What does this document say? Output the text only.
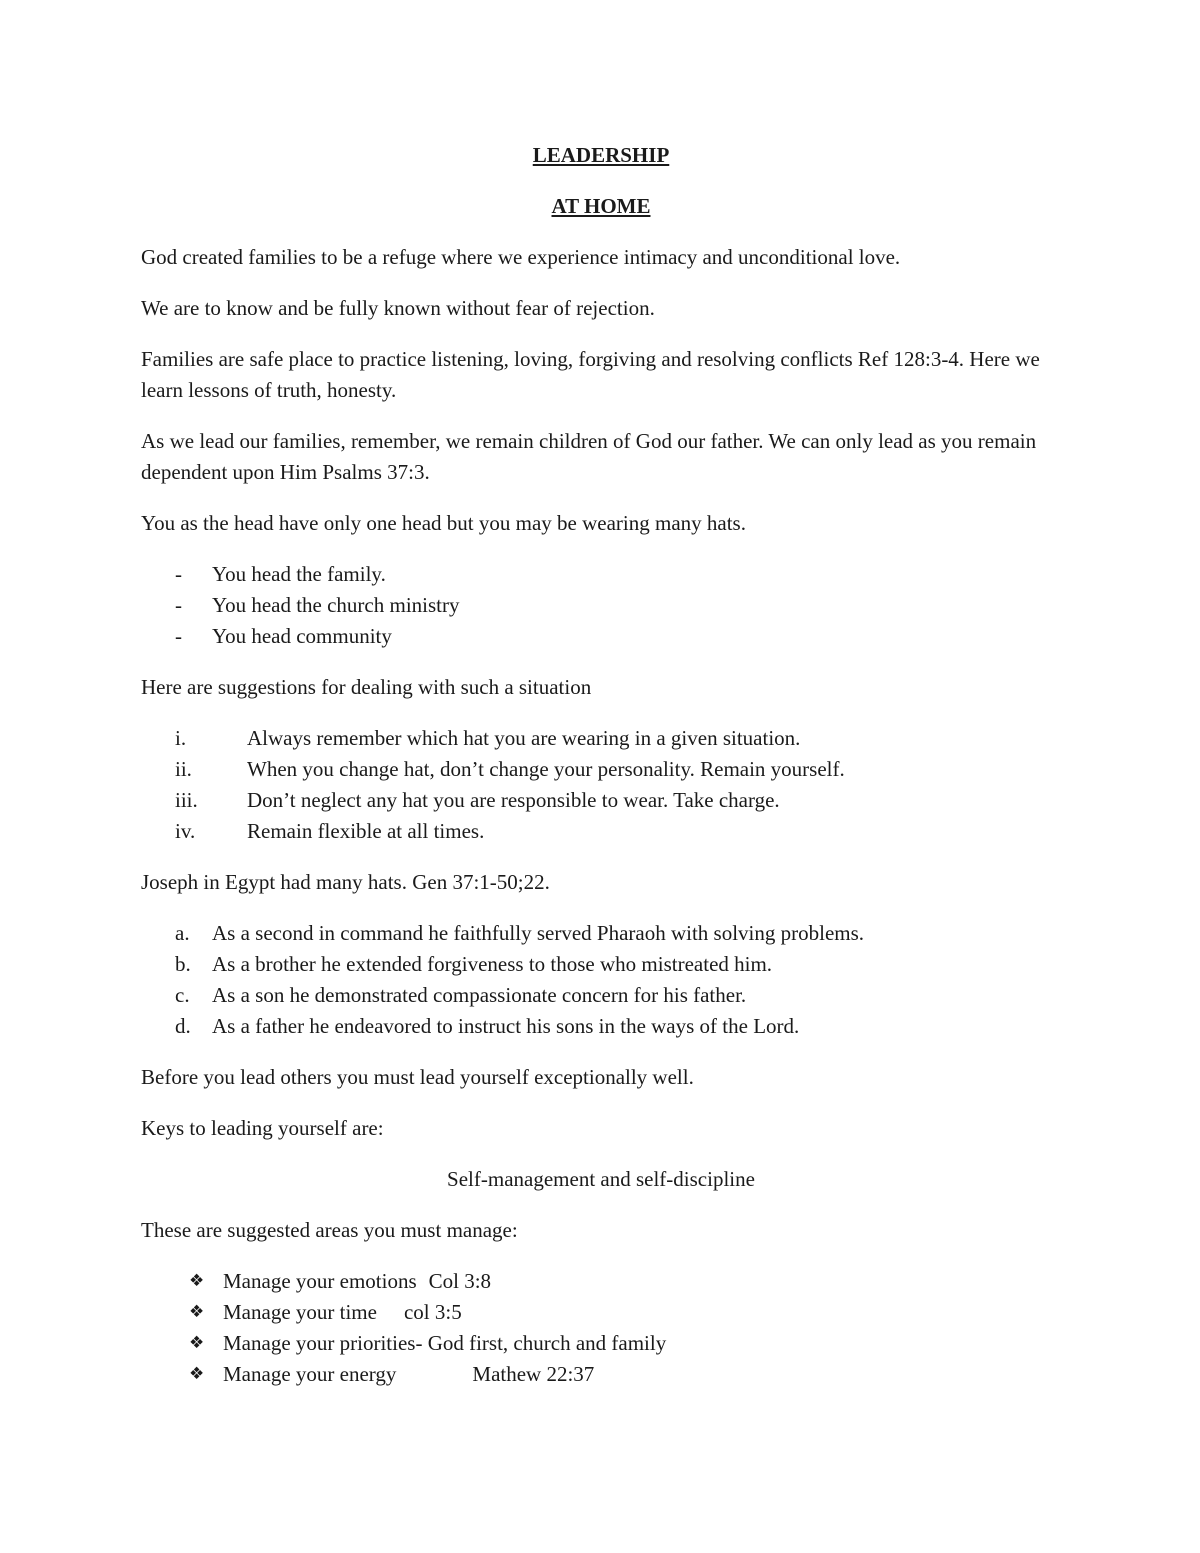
LEADERSHIP
AT HOME

God created families to be a refuge where we experience intimacy and unconditional love.

We are to know and be fully known without fear of rejection.

Families are safe place to practice listening, loving, forgiving and resolving conflicts Ref 128:3-4. Here we learn lessons of truth, honesty.

As we lead our families, remember, we remain children of God our father. We can only lead as you remain dependent upon Him Psalms 37:3.

You as the head have only one head but you may be wearing many hats.

- You head the family.
- You head the church ministry
- You head community

Here are suggestions for dealing with such a situation

i.	Always remember which hat you are wearing in a given situation.
ii.	When you change hat, don’t change your personality. Remain yourself.
iii. Don’t neglect any hat you are responsible to wear. Take charge.
iv. Remain flexible at all times.

Joseph in Egypt had many hats. Gen 37:1-50;22.

a. As a second in command he faithfully served Pharaoh with solving problems.
b. As a brother he extended forgiveness to those who mistreated him.
c. As a son he demonstrated compassionate concern for his father.
d. As a father he endeavored to instruct his sons in the ways of the Lord.

Before you lead others you must lead yourself exceptionally well.

Keys to leading yourself are:

Self-management and self-discipline

These are suggested areas you must manage:

❖ Manage your emotions Col 3:8
❖ Manage your time col 3:5
❖ Manage your priorities- God first, church and family
❖ Manage your energy	Mathew 22:37
